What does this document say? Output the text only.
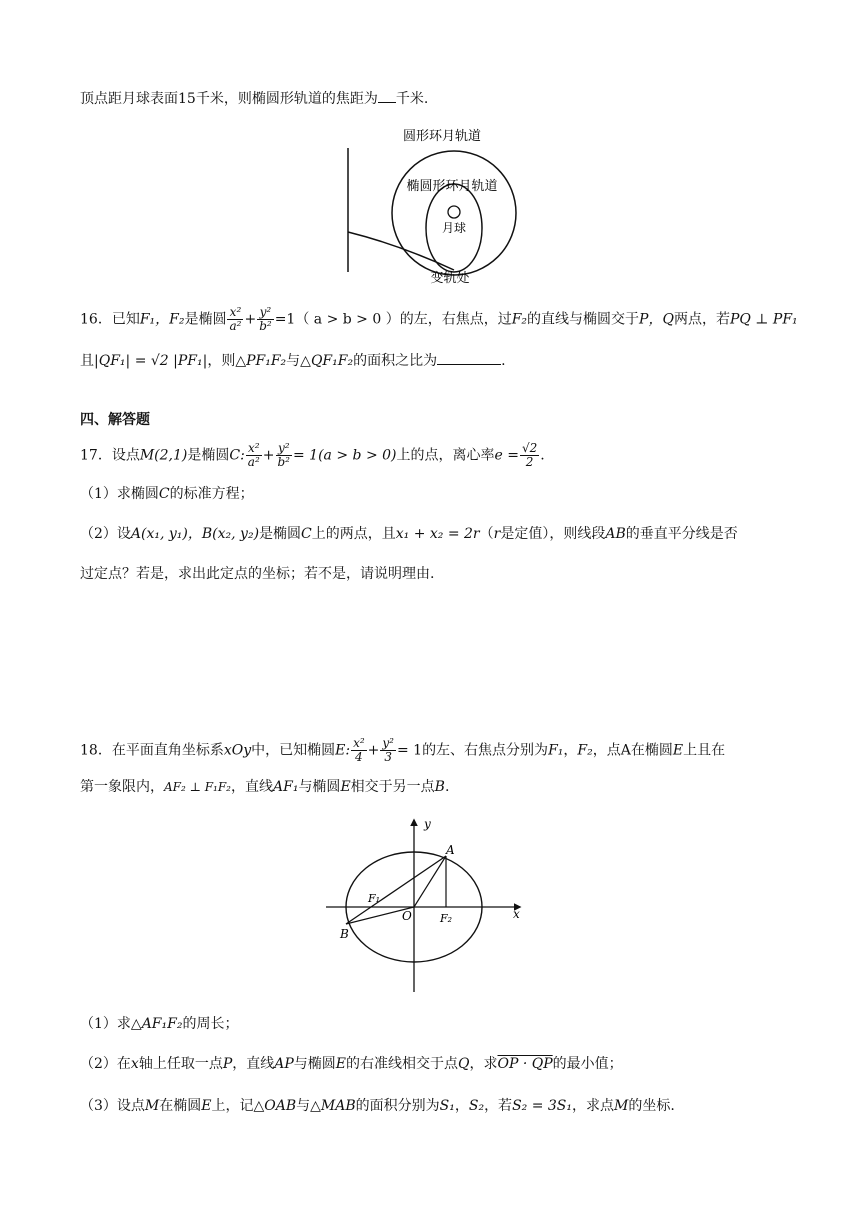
顶点距月球表面15千米，则椭圆形轨道的焦距为 千米.
圆形环月轨道
椭圆形环月轨道
月球
变轨处
16．已知F₁，F₂是椭圆 $\frac{\text{x²}}{\text{a²}} + \frac{\text{y²}}{\text{b²}} =1$（ a > b > 0 ）的左，右焦点，过F₂的直线与椭圆交于P，Q两点，若PQ ⊥ PF₁
且|QF₁| = √2 |PF₁|，则△PF₁F₂与△QF₁F₂的面积之比为	.
四、解答题
17．设点M(2,1)是椭圆C: $\frac{\text{x²}}{\text{a²}} + \frac{\text{y²}}{\text{b²}} = 1(a > b > 0)$上的点，离心率$e = \frac{√2}{2}$ .
（1）求椭圆C的标准方程；
（2）设A(x₁, y₁)，B(x₂, y₂)是椭圆C上的两点，且x₁ + x₂ = 2r（r是定值），则线段AB的垂直平分线是否
过定点？若是，求出此定点的坐标；若不是，请说明理由.
18．在平面直角坐标系xOy中，已知椭圆E: $\frac{\text{x²}}{4} + \frac{\text{y²}}{3} = 1$的左、右焦点分别为F₁，F₂，点A在椭圆E上且在
第一象限内，AF₂ ⊥ F₁F₂，直线AF₁与椭圆E相交于另一点B.
y
x
A
B
O
F₁
F₂
（1）求△AF₁F₂的周长；
（2）在x轴上任取一点P，直线AP与椭圆E的右准线相交于点Q，求OP · QP的最小值；
（3）设点M在椭圆E上，记△OAB与△MAB的面积分别为S₁，S₂，若S₂ = 3S₁，求点M的坐标.
